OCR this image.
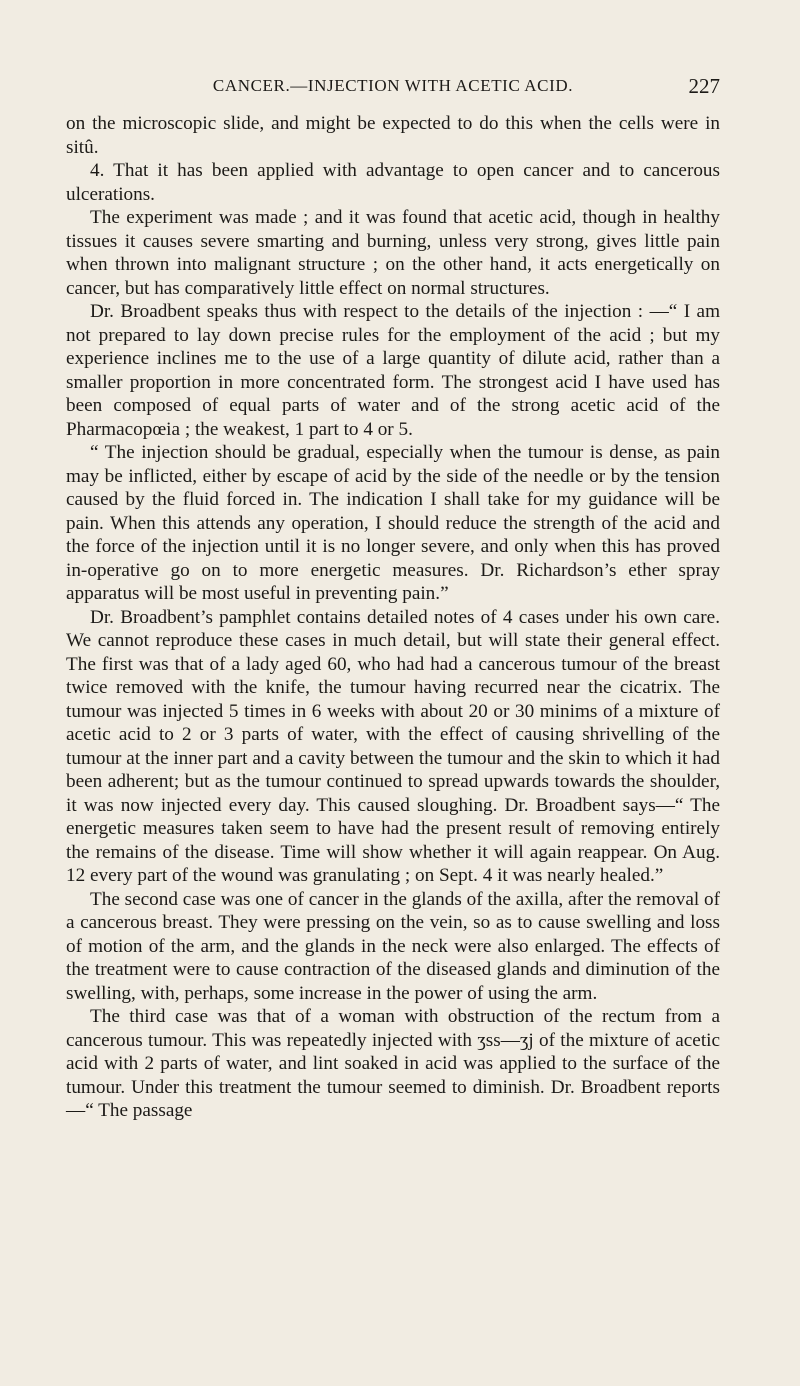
CANCER.—INJECTION WITH ACETIC ACID.	227

on the microscopic slide, and might be expected to do this when the cells were in sitû.

4. That it has been applied with advantage to open cancer and to cancerous ulcerations.

The experiment was made ; and it was found that acetic acid, though in healthy tissues it causes severe smarting and burning, unless very strong, gives little pain when thrown into malignant structure ; on the other hand, it acts energetically on cancer, but has comparatively little effect on normal structures.

Dr. Broadbent speaks thus with respect to the details of the injection : —“ I am not prepared to lay down precise rules for the employment of the acid ; but my experience inclines me to the use of a large quantity of dilute acid, rather than a smaller proportion in more concentrated form. The strongest acid I have used has been composed of equal parts of water and of the strong acetic acid of the Pharmacopœia ; the weakest, 1 part to 4 or 5.

“ The injection should be gradual, especially when the tumour is dense, as pain may be inflicted, either by escape of acid by the side of the needle or by the tension caused by the fluid forced in. The indication I shall take for my guidance will be pain. When this attends any operation, I should reduce the strength of the acid and the force of the injection until it is no longer severe, and only when this has proved in-operative go on to more energetic measures. Dr. Richardson’s ether spray apparatus will be most useful in preventing pain.”

Dr. Broadbent’s pamphlet contains detailed notes of 4 cases under his own care. We cannot reproduce these cases in much detail, but will state their general effect. The first was that of a lady aged 60, who had had a cancerous tumour of the breast twice removed with the knife, the tumour having recurred near the cicatrix. The tumour was injected 5 times in 6 weeks with about 20 or 30 minims of a mixture of acetic acid to 2 or 3 parts of water, with the effect of causing shrivelling of the tumour at the inner part and a cavity between the tumour and the skin to which it had been adherent; but as the tumour continued to spread upwards towards the shoulder, it was now injected every day. This caused sloughing. Dr. Broadbent says—“ The energetic measures taken seem to have had the present result of removing entirely the remains of the disease. Time will show whether it will again reappear. On Aug. 12 every part of the wound was granulating ; on Sept. 4 it was nearly healed.”

The second case was one of cancer in the glands of the axilla, after the removal of a cancerous breast. They were pressing on the vein, so as to cause swelling and loss of motion of the arm, and the glands in the neck were also enlarged. The effects of the treatment were to cause contraction of the diseased glands and diminution of the swelling, with, perhaps, some increase in the power of using the arm.

The third case was that of a woman with obstruction of the rectum from a cancerous tumour. This was repeatedly injected with ʒss—ʒj of the mixture of acetic acid with 2 parts of water, and lint soaked in acid was applied to the surface of the tumour. Under this treatment the tumour seemed to diminish. Dr. Broadbent reports—“ The passage
